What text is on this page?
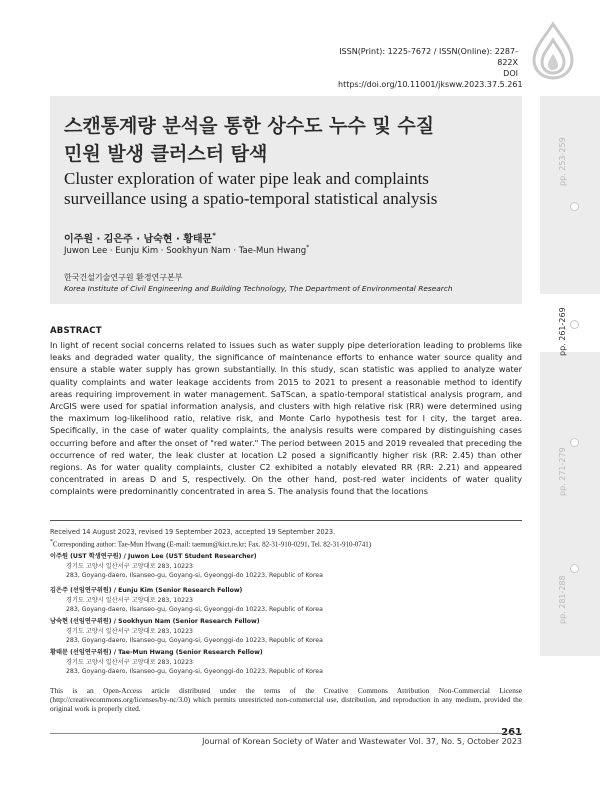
ISSN(Print): 1225-7672 / ISSN(Online): 2287-822X
DOI https://doi.org/10.11001/jksww.2023.37.5.261
pp. 253-259
pp. 261-269
pp. 271-279
pp. 281-288
스캔통계량 분석을 통한 상수도 누수 및 수질
민원 발생 클러스터 탐색
Cluster exploration of water pipe leak and complaints
surveillance using a spatio-temporal statistical analysis
이주원 · 김은주 · 남숙현 · 황태문*
Juwon Lee · Eunju Kim · Sookhyun Nam · Tae-Mun Hwang*
한국건설기술연구원 환경연구본부
Korea Institute of Civil Engineering and Building Technology, The Department of Environmental Research
ABSTRACT
In light of recent social concerns related to issues such as water supply pipe deterioration leading to problems like leaks and degraded water quality, the significance of maintenance efforts to enhance water source quality and ensure a stable water supply has grown substantially. In this study, scan statistic was applied to analyze water quality complaints and water leakage accidents from 2015 to 2021 to present a reasonable method to identify areas requiring improvement in water management. SaTScan, a spatio-temporal statistical analysis program, and ArcGIS were used for spatial information analysis, and clusters with high relative risk (RR) were determined using the maximum log-likelihood ratio, relative risk, and Monte Carlo hypothesis test for I city, the target area. Specifically, in the case of water quality complaints, the analysis results were compared by distinguishing cases occurring before and after the onset of "red water." The period between 2015 and 2019 revealed that preceding the occurrence of red water, the leak cluster at location L2 posed a significantly higher risk (RR: 2.45) than other regions. As for water quality complaints, cluster C2 exhibited a notably elevated RR (RR: 2.21) and appeared concentrated in areas D and S, respectively. On the other hand, post-red water incidents of water quality complaints were predominantly concentrated in area S. The analysis found that the locations
Received 14 August 2023, revised 19 September 2023, accepted 19 September 2023.
*Corresponding author: Tae-Mun Hwang (E-mail: taemun@kict.re.kr; Fax. 82-31-910-0291, Tel. 82-31-910-0741)
이주원 (UST 학생연구원) / Juwon Lee (UST Student Researcher)
경기도 고양시 일산서구 고양대로 283, 10223
283, Goyang-daero, Ilsanseo-gu, Goyang-si, Gyeonggi-do 10223, Republic of Korea
김은주 (선임연구위원) / Eunju Kim (Senior Research Fellow)
경기도 고양시 일산서구 고양대로 283, 10223
283, Goyang-daero, Ilsanseo-gu, Goyang-si, Gyeonggi-do 10223, Republic of Korea
남숙현 (선임연구위원) / Sookhyun Nam (Senior Research Fellow)
경기도 고양시 일산서구 고양대로 283, 10223
283, Goyang-daero, Ilsanseo-gu, Goyang-si, Gyeonggi-do 10223, Republic of Korea
황태문 (선임연구위원) / Tae-Mun Hwang (Senior Research Fellow)
경기도 고양시 일산서구 고양대로 283, 10223
283, Goyang-daero, Ilsanseo-gu, Goyang-si, Gyeonggi-do 10223, Republic of Korea
This is an Open-Access article distributed under the terms of the Creative Commons Attribution Non-Commercial License (http://creativecommons.org/licenses/by-nc/3.0) which permits unrestricted non-commercial use, distribution, and reproduction in any medium, provided the original work is properly cited.
261
Journal of Korean Society of Water and Wastewater Vol. 37, No. 5, October 2023
